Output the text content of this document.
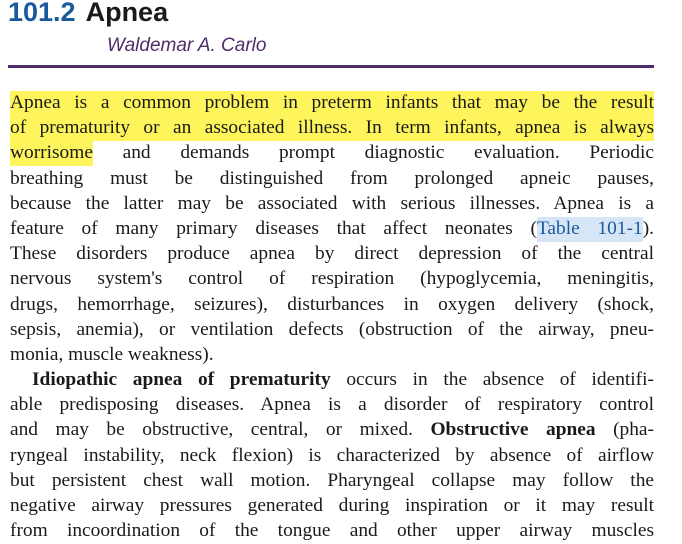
101.2 Apnea
Waldemar A. Carlo
Apnea is a common problem in preterm infants that may be the result
of prematurity or an associated illness. In term infants, apnea is always
worrisome and demands prompt diagnostic evaluation. Periodic
breathing must be distinguished from prolonged apneic pauses,
because the latter may be associated with serious illnesses. Apnea is a
feature of many primary diseases that affect neonates (Table 101-1).
These disorders produce apnea by direct depression of the central
nervous system's control of respiration (hypoglycemia, meningitis,
drugs, hemorrhage, seizures), disturbances in oxygen delivery (shock,
sepsis, anemia), or ventilation defects (obstruction of the airway, pneu-
monia, muscle weakness).
Idiopathic apnea of prematurity occurs in the absence of identifi-
able predisposing diseases. Apnea is a disorder of respiratory control
and may be obstructive, central, or mixed. Obstructive apnea (pha-
ryngeal instability, neck flexion) is characterized by absence of airflow
but persistent chest wall motion. Pharyngeal collapse may follow the
negative airway pressures generated during inspiration or it may result
from incoordination of the tongue and other upper airway muscles
